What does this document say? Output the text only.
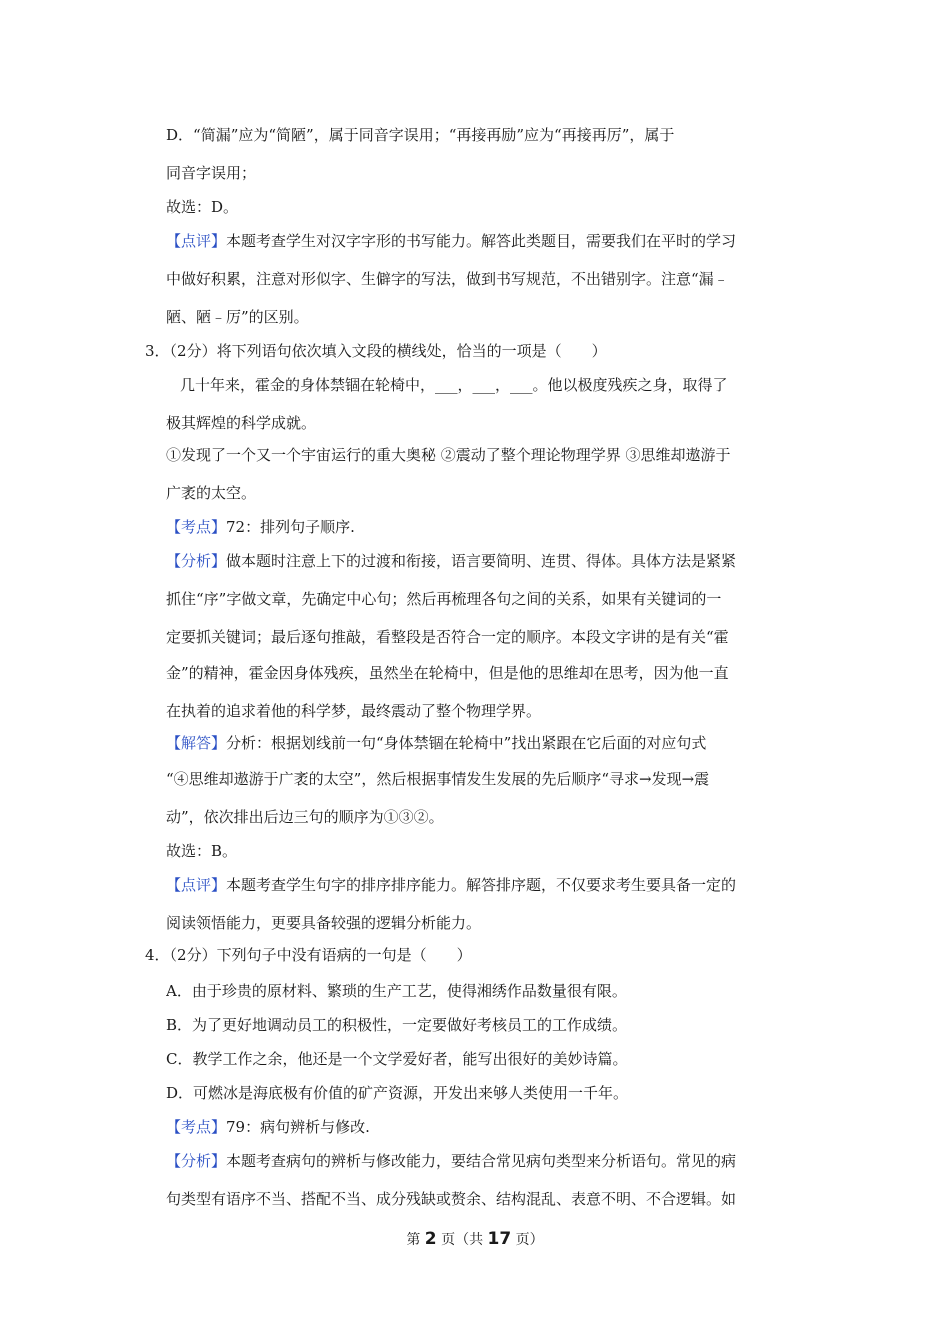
D．“简漏”应为“简陋”，属于同音字误用；“再接再励”应为“再接再厉”，属于
同音字误用；
故选：D。
【点评】本题考查学生对汉字字形的书写能力。解答此类题目，需要我们在平时的学习
中做好积累，注意对形似字、生僻字的写法，做到书写规范，不出错别字。注意“漏﹣
陋、陋﹣厉”的区别。
3．（2分）将下列语句依次填入文段的横线处，恰当的一项是（　　）
几十年来，霍金的身体禁锢在轮椅中，___，___，___。他以极度残疾之身，取得了
极其辉煌的科学成就。
①发现了一个又一个宇宙运行的重大奥秘 ②震动了整个理论物理学界 ③思维却遨游于
广袤的太空。
【考点】72：排列句子顺序.
【分析】做本题时注意上下的过渡和衔接，语言要简明、连贯、得体。具体方法是紧紧
抓住“序”字做文章，先确定中心句；然后再梳理各句之间的关系，如果有关键词的一
定要抓关键词；最后逐句推敲，看整段是否符合一定的顺序。本段文字讲的是有关“霍
金”的精神，霍金因身体残疾，虽然坐在轮椅中，但是他的思维却在思考，因为他一直
在执着的追求着他的科学梦，最终震动了整个物理学界。
【解答】分析：根据划线前一句“身体禁锢在轮椅中”找出紧跟在它后面的对应句式
“④思维却遨游于广袤的太空”，然后根据事情发生发展的先后顺序“寻求→发现→震
动”，依次排出后边三句的顺序为①③②。
故选：B。
【点评】本题考查学生句字的排序排序能力。解答排序题，不仅要求考生要具备一定的
阅读领悟能力，更要具备较强的逻辑分析能力。
4．（2分）下列句子中没有语病的一句是（　　）
A．由于珍贵的原材料、繁琐的生产工艺，使得湘绣作品数量很有限。
B．为了更好地调动员工的积极性，一定要做好考核员工的工作成绩。
C．教学工作之余，他还是一个文学爱好者，能写出很好的美妙诗篇。
D．可燃冰是海底极有价值的矿产资源，开发出来够人类使用一千年。
【考点】79：病句辨析与修改.
【分析】本题考查病句的辨析与修改能力，要结合常见病句类型来分析语句。常见的病
句类型有语序不当、搭配不当、成分残缺或赘余、结构混乱、表意不明、不合逻辑。如
第 2 页（共 17 页）
